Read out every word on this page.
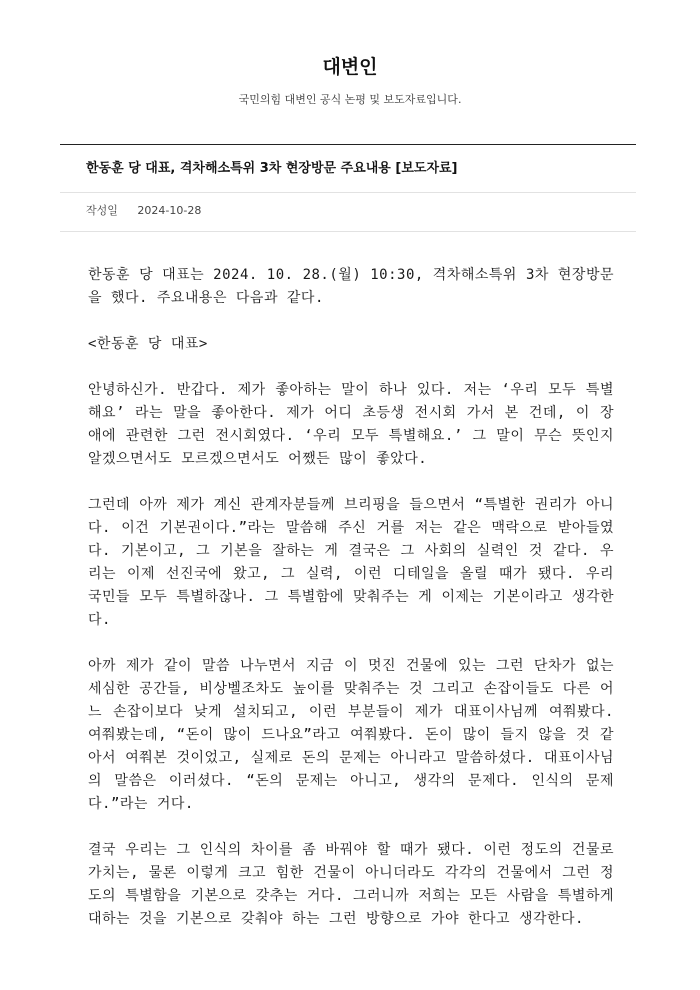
대변인
국민의힘 대변인 공식 논평 및 보도자료입니다.
한동훈 당 대표, 격차해소특위 3차 현장방문 주요내용 [보도자료]
작성일 2024-10-28

한동훈 당 대표는 2024. 10. 28.(월) 10:30, 격차해소특위 3차 현장방문을 했다. 주요내용은 다음과 같다.

<한동훈 당 대표>

안녕하신가. 반갑다. 제가 좋아하는 말이 하나 있다. 저는 ‘우리 모두 특별해요’ 라는 말을 좋아한다. 제가 어디 초등생 전시회 가서 본 건데, 이 장애에 관련한 그런 전시회였다. ‘우리 모두 특별해요.’ 그 말이 무슨 뜻인지 알겠으면서도 모르겠으면서도 어쨌든 많이 좋았다.

그런데 아까 제가 계신 관계자분들께 브리핑을 들으면서 “특별한 권리가 아니다. 이건 기본권이다.”라는 말씀해 주신 거를 저는 같은 맥락으로 받아들였다. 기본이고, 그 기본을 잘하는 게 결국은 그 사회의 실력인 것 같다. 우리는 이제 선진국에 왔고, 그 실력, 이런 디테일을 올릴 때가 됐다. 우리 국민들 모두 특별하잖나. 그 특별함에 맞춰주는 게 이제는 기본이라고 생각한다.

아까 제가 같이 말씀 나누면서 지금 이 멋진 건물에 있는 그런 단차가 없는 세심한 공간들, 비상벨조차도 높이를 맞춰주는 것 그리고 손잡이들도 다른 어느 손잡이보다 낮게 설치되고, 이런 부분들이 제가 대표이사님께 여쭤봤다. 여쭤봤는데, “돈이 많이 드나요”라고 여쭤봤다. 돈이 많이 들지 않을 것 같아서 여쭤본 것이었고, 실제로 돈의 문제는 아니라고 말씀하셨다. 대표이사님의 말씀은 이러셨다. “돈의 문제는 아니고, 생각의 문제다. 인식의 문제다.”라는 거다.

결국 우리는 그 인식의 차이를 좀 바꿔야 할 때가 됐다. 이런 정도의 건물로 가치는, 물론 이렇게 크고 힘한 건물이 아니더라도 각각의 건물에서 그런 정도의 특별함을 기본으로 갖추는 거다. 그러니까 저희는 모든 사람을 특별하게 대하는 것을 기본으로 갖춰야 하는 그런 방향으로 가야 한다고 생각한다.
